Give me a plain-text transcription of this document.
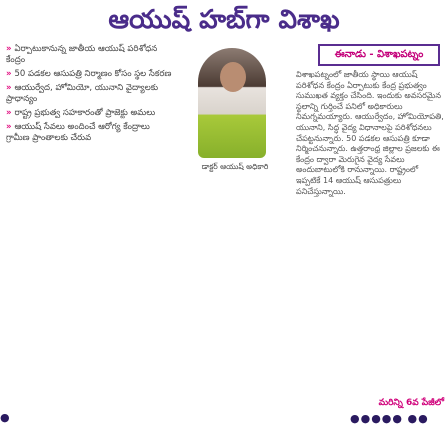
ఆయుష్ హబ్‌గా విశాఖ
» ఏర్పాటుకానున్న జాతీయ ఆయుష్ పరిశోధన కేంద్రం
» 50 పడకల ఆసుపత్రి నిర్మాణం కోసం స్థల సేకరణ
» ఆయుర్వేద, హోమియో, యునాని వైద్యాలకు ప్రాధాన్యం
» రాష్ట్ర ప్రభుత్వ సహకారంతో ప్రాజెక్టు అమలు
» ఆయుష్ సేవలు అందించే ఆరోగ్య కేంద్రాలు గ్రామీణ ప్రాంతాలకు చేరువ
డాక్టర్ ఆయుష్ అధికారి
ఈనాడు - విశాఖపట్నం
విశాఖపట్నంలో జాతీయ స్థాయి ఆయుష్ పరిశోధన కేంద్రం ఏర్పాటుకు కేంద్ర ప్రభుత్వం సుముఖత వ్యక్తం చేసింది. ఇందుకు అవసరమైన స్థలాన్ని గుర్తించే పనిలో అధికారులు నిమగ్నమయ్యారు. ఆయుర్వేదం, హోమియోపతి, యునాని, సిద్ధ వైద్య విధానాలపై పరిశోధనలు చేపట్టనున్నారు. 50 పడకల ఆసుపత్రి కూడా నిర్మించనున్నారు. ఉత్తరాంధ్ర జిల్లాల ప్రజలకు ఈ కేంద్రం ద్వారా మెరుగైన వైద్య సేవలు అందుబాటులోకి రానున్నాయి. రాష్ట్రంలో ఇప్పటికే 14 ఆయుష్ ఆసుపత్రులు పనిచేస్తున్నాయి.
మరిన్ని 6వ పేజీలో
●	●●●●● ●●
